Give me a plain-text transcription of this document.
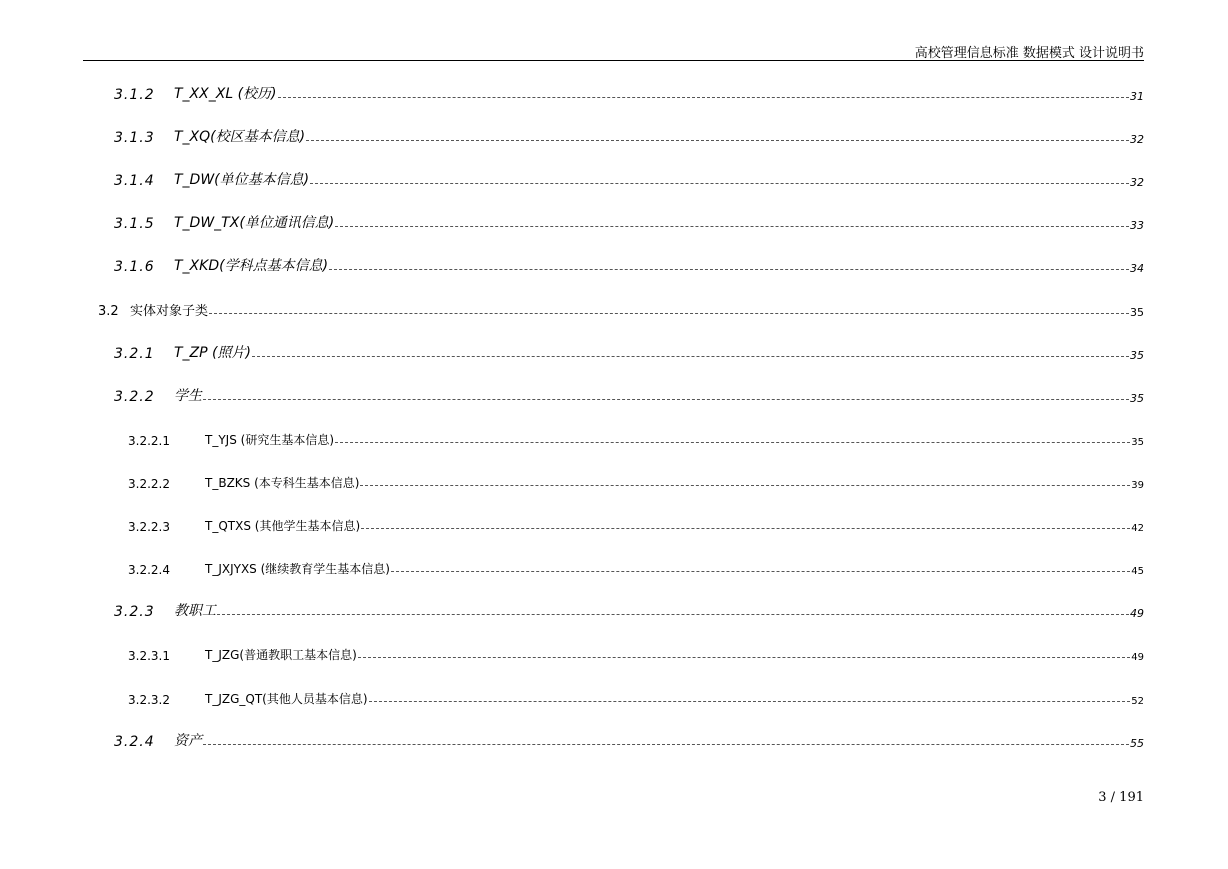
高校管理信息标准 数据模式 设计说明书
3.1.2	T_XX_XL (校历)	31
3.1.3	T_XQ(校区基本信息)	32
3.1.4	T_DW(单位基本信息)	32
3.1.5	T_DW_TX(单位通讯信息)	33
3.1.6	T_XKD(学科点基本信息)	34
3.2 实体对象子类	35
3.2.1	T_ZP (照片)	35
3.2.2	学生	35
3.2.2.1	T_YJS (研究生基本信息)	35
3.2.2.2	T_BZKS (本专科生基本信息)	39
3.2.2.3	T_QTXS (其他学生基本信息)	42
3.2.2.4	T_JXJYXS (继续教育学生基本信息)	45
3.2.3	教职工	49
3.2.3.1	T_JZG(普通教职工基本信息)	49
3.2.3.2	T_JZG_QT(其他人员基本信息)	52
3.2.4	资产	55
3 / 191
